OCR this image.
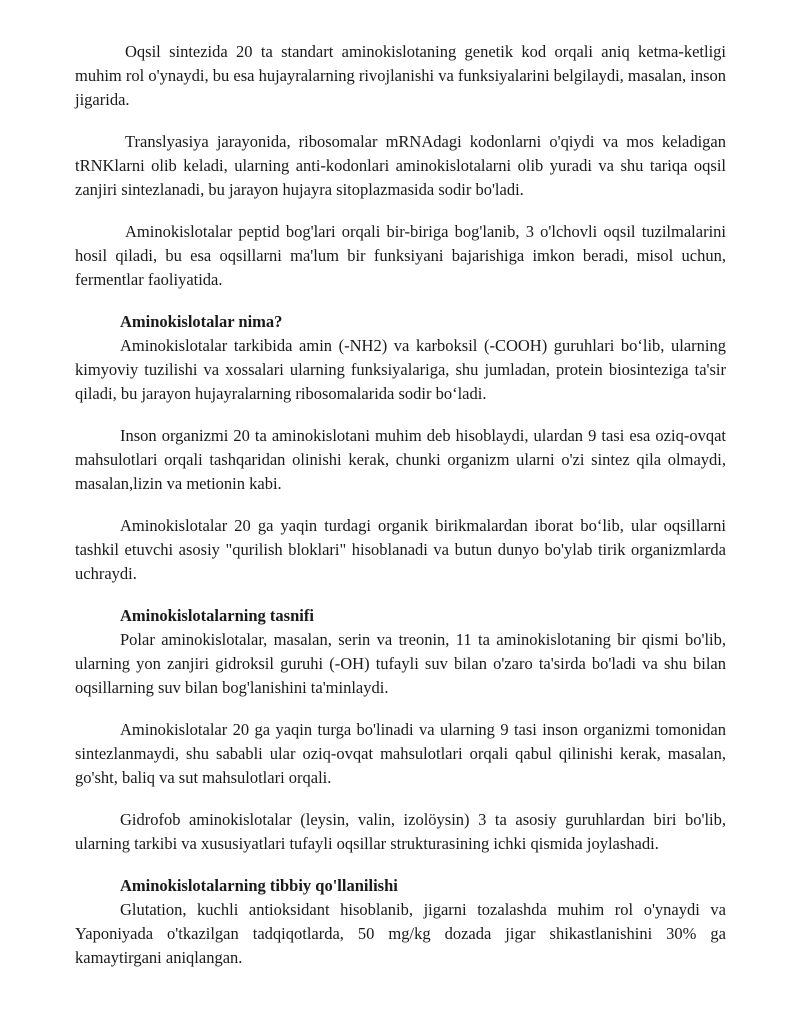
Oqsil sintezida 20 ta standart aminokislotaning genetik kod orqali aniq ketma-ketligi muhim rol o'ynaydi, bu esa hujayralarning rivojlanishi va funksiyalarini belgilaydi, masalan, inson jigarida.

Translyasiya jarayonida, ribosomalar mRNAdagi kodonlarni o'qiydi va mos keladigan tRNKlarni olib keladi, ularning anti-kodonlari aminokislotalarni olib yuradi va shu tariqa oqsil zanjiri sintezlanadi, bu jarayon hujayra sitoplazmasida sodir bo'ladi.

Aminokislotalar peptid bog'lari orqali bir-biriga bog'lanib, 3 o'lchovli oqsil tuzilmalarini hosil qiladi, bu esa oqsillarni ma'lum bir funksiyani bajarishiga imkon beradi, misol uchun, fermentlar faoliyatida.

Aminokislotalar nima?

Aminokislotalar tarkibida amin (-NH2) va karboksil (-COOH) guruhlari bo‘lib, ularning kimyoviy tuzilishi va xossalari ularning funksiyalariga, shu jumladan, protein biosinteziga ta'sir qiladi, bu jarayon hujayralarning ribosomalarida sodir bo‘ladi.

Inson organizmi 20 ta aminokislotani muhim deb hisoblaydi, ulardan 9 tasi esa oziq-ovqat mahsulotlari orqali tashqaridan olinishi kerak, chunki organizm ularni o'zi sintez qila olmaydi, masalan,lizin va metionin kabi.

Aminokislotalar 20 ga yaqin turdagi organik birikmalardan iborat bo‘lib, ular oqsillarni tashkil etuvchi asosiy "qurilish bloklari" hisoblanadi va butun dunyo bo'ylab tirik organizmlarda uchraydi.

Aminokislotalarning tasnifi

Polar aminokislotalar, masalan, serin va treonin, 11 ta aminokislotaning bir qismi bo'lib, ularning yon zanjiri gidroksil guruhi (-OH) tufayli suv bilan o'zaro ta'sirda bo'ladi va shu bilan oqsillarning suv bilan bog'lanishini ta'minlaydi.

Aminokislotalar 20 ga yaqin turga bo'linadi va ularning 9 tasi inson organizmi tomonidan sintezlanmaydi, shu sababli ular oziq-ovqat mahsulotlari orqali qabul qilinishi kerak, masalan, go'sht, baliq va sut mahsulotlari orqali.

Gidrofob aminokislotalar (leysin, valin, izolöysin) 3 ta asosiy guruhlardan biri bo'lib, ularning tarkibi va xususiyatlari tufayli oqsillar strukturasining ichki qismida joylashadi.

Aminokislotalarning tibbiy qo'llanilishi

Glutation, kuchli antioksidant hisoblanib, jigarni tozalashda muhim rol o'ynaydi va Yaponiyada o'tkazilgan tadqiqotlarda, 50 mg/kg dozada jigar shikastlanishini 30% ga kamaytirgani aniqlangan.
